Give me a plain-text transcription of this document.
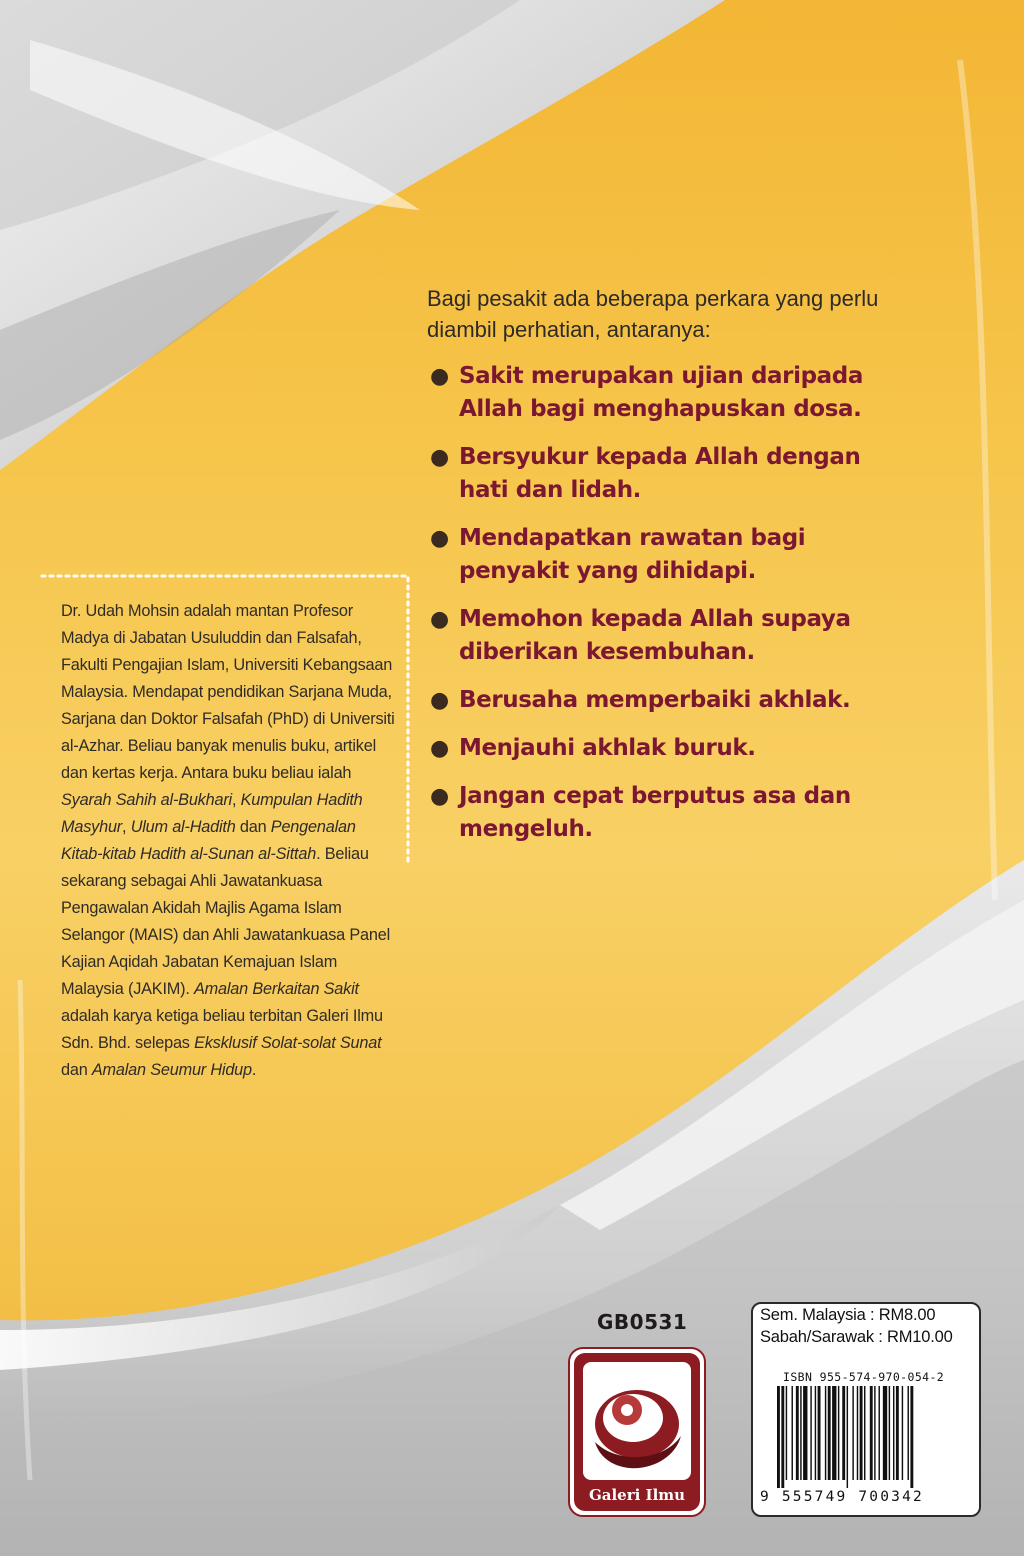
Bagi pesakit ada beberapa perkara yang perlu diambil perhatian, antaranya:
● Sakit merupakan ujian daripada Allah bagi menghapuskan dosa.
● Bersyukur kepada Allah dengan hati dan lidah.
● Mendapatkan rawatan bagi penyakit yang dihidapi.
● Memohon kepada Allah supaya diberikan kesembuhan.
● Berusaha memperbaiki akhlak.
● Menjauhi akhlak buruk.
● Jangan cepat berputus asa dan mengeluh.
Dr. Udah Mohsin adalah mantan Profesor Madya di Jabatan Usuluddin dan Falsafah, Fakulti Pengajian Islam, Universiti Kebangsaan Malaysia. Mendapat pendidikan Sarjana Muda, Sarjana dan Doktor Falsafah (PhD) di Universiti al-Azhar. Beliau banyak menulis buku, artikel dan kertas kerja. Antara buku beliau ialah Syarah Sahih al-Bukhari, Kumpulan Hadith Masyhur, Ulum al-Hadith dan Pengenalan Kitab-kitab Hadith al-Sunan al-Sittah. Beliau sekarang sebagai Ahli Jawatankuasa Pengawalan Akidah Majlis Agama Islam Selangor (MAIS) dan Ahli Jawatankuasa Panel Kajian Aqidah Jabatan Kemajuan Islam Malaysia (JAKIM). Amalan Berkaitan Sakit adalah karya ketiga beliau terbitan Galeri Ilmu Sdn. Bhd. selepas Eksklusif Solat-solat Sunat dan Amalan Seumur Hidup.
GB0531
Galeri Ilmu
Sem. Malaysia : RM8.00
Sabah/Sarawak : RM10.00
ISBN 955-574-970-054-2
9 555749 700342
